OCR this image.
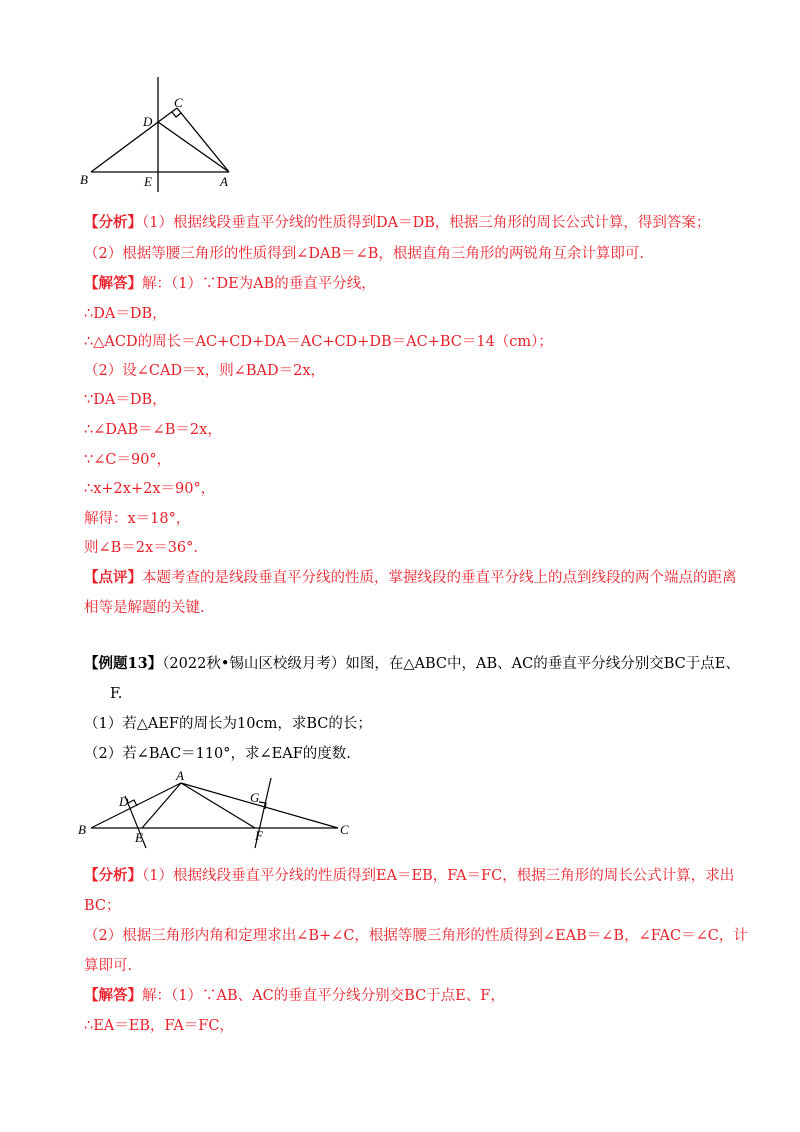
C
D
B	E	A
【分析】（1）根据线段垂直平分线的性质得到DA＝DB，根据三角形的周长公式计算，得到答案；
（2）根据等腰三角形的性质得到∠DAB＝∠B，根据直角三角形的两锐角互余计算即可.
【解答】解：（1）∵DE为AB的垂直平分线，
∴DA＝DB，
∴△ACD的周长＝AC+CD+DA＝AC+CD+DB＝AC+BC＝14（cm）；
（2）设∠CAD＝x，则∠BAD＝2x，
∵DA＝DB，
∴∠DAB＝∠B＝2x，
∵∠C＝90°，
∴x+2x+2x＝90°，
解得：x＝18°，
则∠B＝2x＝36°.
【点评】本题考查的是线段垂直平分线的性质，掌握线段的垂直平分线上的点到线段的两个端点的距离
相等是解题的关键.
【例题13】（2022秋•锡山区校级月考）如图，在△ABC中，AB、AC的垂直平分线分别交BC于点E、
F.
（1）若△AEF的周长为10cm，求BC的长；
（2）若∠BAC＝110°，求∠EAF的度数.
A
D	G
B
E	F	C
【分析】（1）根据线段垂直平分线的性质得到EA＝EB，FA＝FC，根据三角形的周长公式计算，求出
BC；
（2）根据三角形内角和定理求出∠B+∠C，根据等腰三角形的性质得到∠EAB＝∠B，∠FAC＝∠C，计
算即可.
【解答】解：（1）∵AB、AC的垂直平分线分别交BC于点E、F，
∴EA＝EB，FA＝FC，
